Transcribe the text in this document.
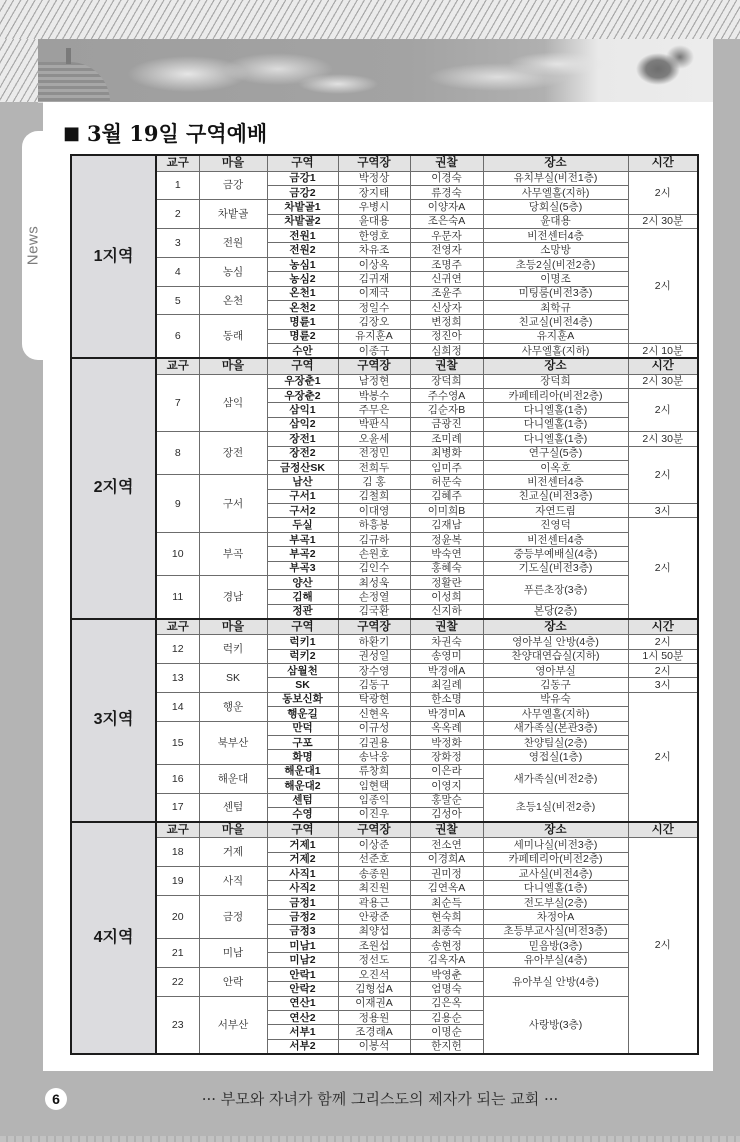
News
■ 3월 19일 구역예배
1지역	교구	마을	구역	구역장	권찰	장소	시간
	1	금강	금강1	박정상	이경숙	유치부실(비전1층)	2시
			금강2	장지태	류경숙	사무엘홀(지하)	
	2	차밭골	차밭골1	우병시	이양자A	당회실(5층)	
			차밭골2	윤대용	조은숙A	윤대용	2시 30분
	3	전원	전원1	한영호	우문자	비전센터4층	2시
			전원2	차유조	전영자	소망방	
	4	농심	농심1	이상옥	조명주	초등2실(비전2층)	
			농심2	김귀재	신귀연	이명조	
	5	온천	온천1	이제국	조윤주	미팅룸(비전3층)	
			온천2	정일수	신상자	최학규	
	6	동래	명륜1	김장오	변정희	친교실(비전4층)	
			명륜2	유지훈A	정진아	유지훈A	
			수안	이종구	심희정	사무엘홀(지하)	2시 10분
2지역	교구	마을	구역	구역장	권찰	장소	시간
	7	삼익	우장춘1	남정현	장덕희	장덕희	2시 30분
			우장춘2	박봉수	주수영A	카페테리아(비전2층)	2시
			삼익1	주무은	김순자B	다니엘홀(1층)	
			삼익2	박판식	금광진	다니엘홀(1층)	
	8	장전	장전1	오윤세	조미례	다니엘홀(1층)	2시 30분
			장전2	전정민	최병화	연구실(5층)	2시
			금정산SK	전희두	임미주	이옥호	
	9	구서	남산	김 홍	허문숙	비전센터4층	
			구서1	김철희	김혜주	친교실(비전3층)	
			구서2	이대영	이미희B	자연드림	3시
			두실	하흥봉	김재남	진영덕	2시
	10	부곡	부곡1	김규하	정윤복	비전센터4층	
			부곡2	손원호	박숙연	중등부예배실(4층)	
			부곡3	김인수	홍혜숙	기도실(비전3층)	
	11	경남	양산	최성욱	정활란	푸른초장(3층)	
			김해	손정열	이성희		
			정관	김국환	신지하	본당(2층)	
3지역	교구	마을	구역	구역장	권찰	장소	시간
	12	럭키	럭키1	하환기	차권숙	영아부실 안방(4층)	2시
			럭키2	권성일	송영미	찬양대연습실(지하)	1시 50분
	13	SK	삼월천	장수영	박경애A	영아부실	2시
			SK	김동구	최길례	김동구	3시
	14	행운	동보신화	탁광현	한소명	박유숙	2시
			행운길	신현옥	박경미A	사무엘홀(지하)	
	15	북부산	만덕	이규성	옥옥례	새가족실(본관3층)	
			구포	김권용	박정화	찬양팀실(2층)	
			화명	송낙웅	장화정	영접실(1층)	
	16	해운대	해운대1	류창희	이은라	새가족실(비전2층)	
			해운대2	임현택	이영지		
	17	센텀	센텀	임종익	홍말순	초등1실(비전2층)	
			수영	이진우	김성아		
4지역	교구	마을	구역	구역장	권찰	장소	시간
	18	거제	거제1	이상준	전소연	세미나실(비전3층)	2시
			거제2	선준호	이경희A	카페테리아(비전2층)	
	19	사직	사직1	송종원	권미정	교사실(비전4층)	
			사직2	최진원	김연옥A	다니엘홀(1층)	
	20	금정	금정1	곽용근	최순득	전도부실(2층)	
			금정2	안광준	현숙희	차정아A	
			금정3	최양섭	최종숙	초등부교사실(비전3층)	
	21	미남	미남1	조원섭	송현정	믿음방(3층)	
			미남2	정선도	김옥자A	유아부실(4층)	
	22	안락	안락1	오진석	박영춘	유아부실 안방(4층)	
			안락2	김형섭A	엄명숙		
	23	서부산	연산1	이재권A	김은옥	사랑방(3층)	
			연산2	정용원	김용순		
			서부1	조경래A	이명순		
			서부2	이봉석	한지헌		
6	··· 부모와 자녀가 함께 그리스도의 제자가 되는 교회 ···
